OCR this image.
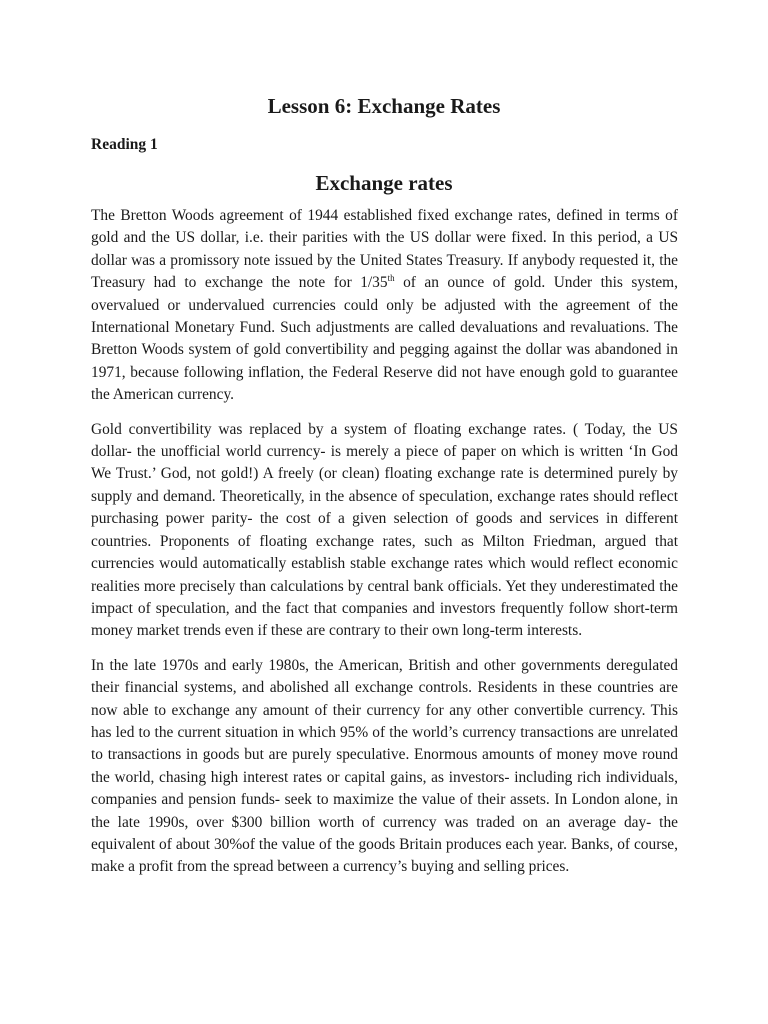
Lesson 6: Exchange Rates
Reading 1
Exchange rates

The Bretton Woods agreement of 1944 established fixed exchange rates, defined in terms of gold and the US dollar, i.e. their parities with the US dollar were fixed. In this period, a US dollar was a promissory note issued by the United States Treasury. If anybody requested it, the Treasury had to exchange the note for 1/35th of an ounce of gold. Under this system, overvalued or undervalued currencies could only be adjusted with the agreement of the International Monetary Fund. Such adjustments are called devaluations and revaluations. The Bretton Woods system of gold convertibility and pegging against the dollar was abandoned in 1971, because following inflation, the Federal Reserve did not have enough gold to guarantee the American currency.

Gold convertibility was replaced by a system of floating exchange rates. ( Today, the US dollar- the unofficial world currency- is merely a piece of paper on which is written ‘In God We Trust.’ God, not gold!) A freely (or clean) floating exchange rate is determined purely by supply and demand. Theoretically, in the absence of speculation, exchange rates should reflect purchasing power parity- the cost of a given selection of goods and services in different countries. Proponents of floating exchange rates, such as Milton Friedman, argued that currencies would automatically establish stable exchange rates which would reflect economic realities more precisely than calculations by central bank officials. Yet they underestimated the impact of speculation, and the fact that companies and investors frequently follow short-term money market trends even if these are contrary to their own long-term interests.

In the late 1970s and early 1980s, the American, British and other governments deregulated their financial systems, and abolished all exchange controls. Residents in these countries are now able to exchange any amount of their currency for any other convertible currency. This has led to the current situation in which 95% of the world’s currency transactions are unrelated to transactions in goods but are purely speculative. Enormous amounts of money move round the world, chasing high interest rates or capital gains, as investors- including rich individuals, companies and pension funds- seek to maximize the value of their assets. In London alone, in the late 1990s, over $300 billion worth of currency was traded on an average day- the equivalent of about 30%of the value of the goods Britain produces each year. Banks, of course, make a profit from the spread between a currency’s buying and selling prices.
